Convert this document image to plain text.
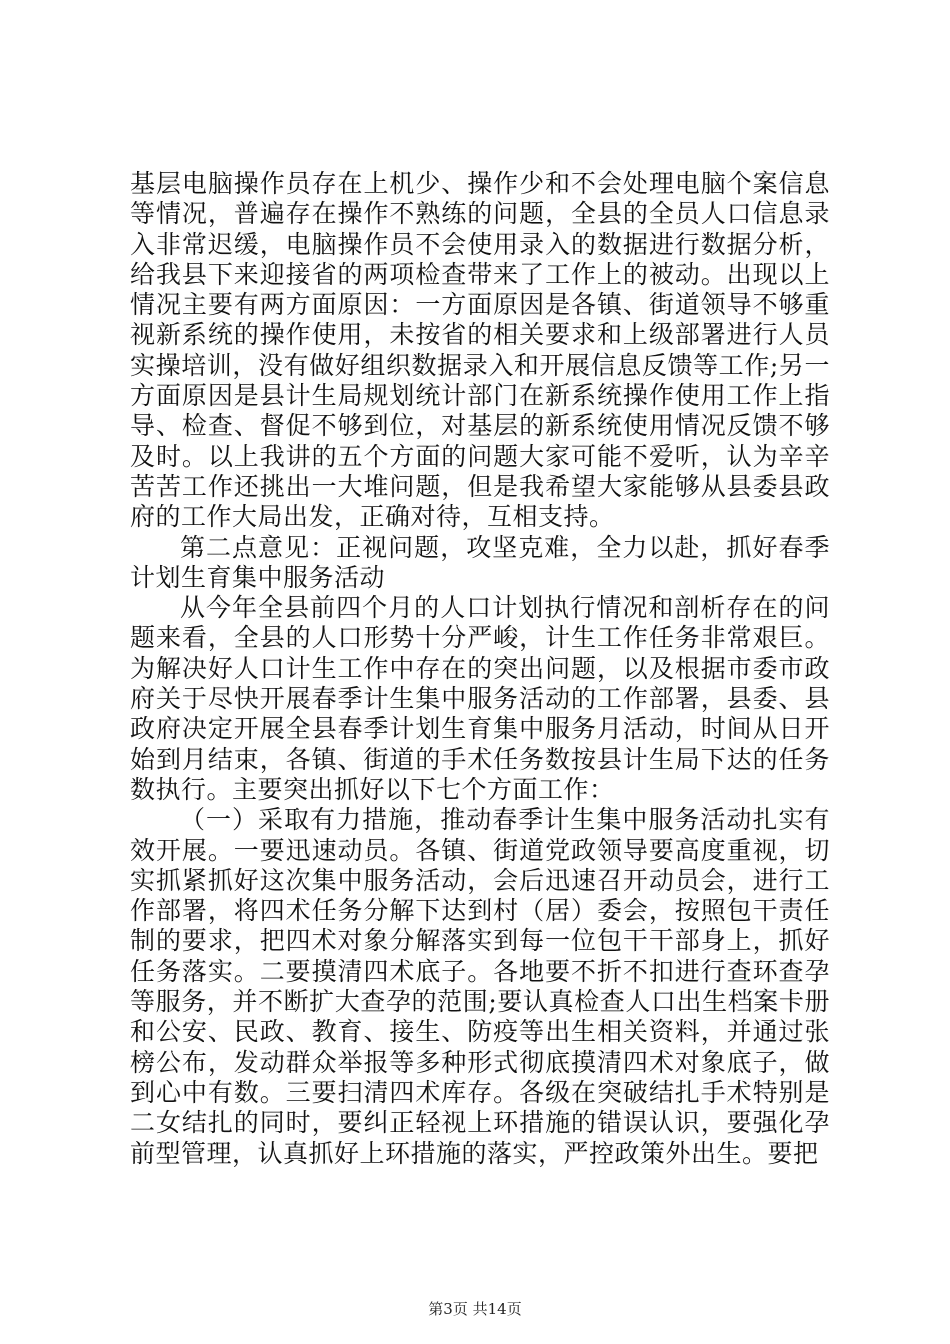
基层电脑操作员存在上机少、操作少和不会处理电脑个案信息等情况，普遍存在操作不熟练的问题，全县的全员人口信息录入非常迟缓，电脑操作员不会使用录入的数据进行数据分析，给我县下来迎接省的两项检查带来了工作上的被动。出现以上情况主要有两方面原因：一方面原因是各镇、街道领导不够重视新系统的操作使用，未按省的相关要求和上级部署进行人员实操培训，没有做好组织数据录入和开展信息反馈等工作;另一方面原因是县计生局规划统计部门在新系统操作使用工作上指导、检查、督促不够到位，对基层的新系统使用情况反馈不够及时。以上我讲的五个方面的问题大家可能不爱听，认为辛辛苦苦工作还挑出一大堆问题，但是我希望大家能够从县委县政府的工作大局出发，正确对待，互相支持。

第二点意见：正视问题，攻坚克难，全力以赴，抓好春季计划生育集中服务活动

从今年全县前四个月的人口计划执行情况和剖析存在的问题来看，全县的人口形势十分严峻，计生工作任务非常艰巨。为解决好人口计生工作中存在的突出问题，以及根据市委市政府关于尽快开展春季计生集中服务活动的工作部署，县委、县政府决定开展全县春季计划生育集中服务月活动，时间从日开始到月结束，各镇、街道的手术任务数按县计生局下达的任务数执行。主要突出抓好以下七个方面工作：

（一）采取有力措施，推动春季计生集中服务活动扎实有效开展。一要迅速动员。各镇、街道党政领导要高度重视，切实抓紧抓好这次集中服务活动，会后迅速召开动员会，进行工作部署，将四术任务分解下达到村（居）委会，按照包干责任制的要求，把四术对象分解落实到每一位包干干部身上，抓好任务落实。二要摸清四术底子。各地要不折不扣进行查环查孕等服务，并不断扩大查孕的范围;要认真检查人口出生档案卡册和公安、民政、教育、接生、防疫等出生相关资料，并通过张榜公布，发动群众举报等多种形式彻底摸清四术对象底子，做到心中有数。三要扫清四术库存。各级在突破结扎手术特别是二女结扎的同时，要纠正轻视上环措施的错误认识，要强化孕前型管理，认真抓好上环措施的落实，严控政策外出生。要把

第3页 共14页
